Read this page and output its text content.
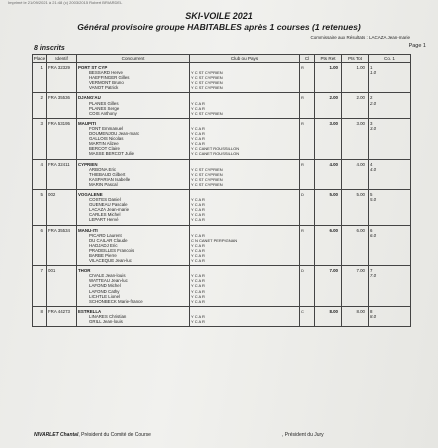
Imprimé le 21/09/2021 à 21:48 (c) 2003/2015 Robert BRIARDEL
SKI-VOILE 2021
Général provisoire groupe HABITABLES après 1 courses (1 retenues)
Commissaire aux Résultats : LACAZA Jean-marie
Page 1
8 inscrits
Place	Identif	Concurrent	Club ou Pays	Cl	Pts Ret	Pts Tot	Co. 1
1	FRA 32329	PORT ST CYP		R	1.00	1.00	1
		BESSARD Herve	Y C ST CYPRIEN				1.0
		HAEFFINGER Gilles	Y C ST CYPRIEN				
		VERMONT Bruno	Y C ST CYPRIEN				
		VANOT Patrick	Y C ST CYPRIEN				
2	FRA 35536	DJANG'AU		R	2.00	2.00	2
		PLANES Gilles	Y C A R				2.0
		PLANES Serge	Y C A R				
		COIS Anthony	Y C ST CYPRIEN				
3	FRA 53195	MAUPITI		R	3.00	3.00	3
		FONT Emmanuel	Y C A R				3.0
		DOUMENJOU Jean-marc	Y C A R				
		GALLOIS Nicolas	Y C A R				
		MARTIN Alizee	Y C A R				
		BERCOT Claire	Y C CANET ROUSSILLON				
		MASSE BERCOT Julie	Y C CANET ROUSSILLON				
4	FRA 32411	CYPRIEN		R	4.00	4.00	4
		ARBONA Eric	Y C ST CYPRIEN				4.0
		THIEBAUD Gilbert	Y C ST CYPRIEN				
		KASPARIAN Isabelle	Y C ST CYPRIEN				
		MARIN Pascal	Y C ST CYPRIEN				
5	002	VOGALENE		D	5.00	5.00	5
		COSTES Daniel	Y C A R				5.0
		GUENEAU Pascale	Y C A R				
		LACAZA Jean-marie	Y C A R				
		CARLES Michel	Y C A R				
		LEPART Hervé	Y C A R				
6	FRA 35534	MANU-ITI		R	6.00	6.00	6
		PICARD Laurent	Y C A R				6.0
		DU CAILAR Claude	C N CANET PERPIGNAN				
		HADJADJ Eric	Y C A R				
		PRADEILLES Francois	Y C A R				
		BARBE Pierre	Y C A R				
		VILACEQUE Jean-luc	Y C A R				
7	001	THOR		D	7.00	7.00	7
		CIVALE Jean-louis	Y C A R				7.0
		WATTEAU Jean-luc	Y C A R				
		LAFOND Michel	Y C A R				
		LAFOND Cathy	Y C A R				
		LICHTLE Lionel	Y C A R				
		SCHONBECK Marie-france	Y C A R				
8	FRA 44273	ESTRELLA		C	8.00	8.00	8
		LINARES Christian	Y C A R				8.0
		GRILL Jean-louis	Y C A R				
NIVARLET Chantal, Président du Comité de Course	, Président du Jury
